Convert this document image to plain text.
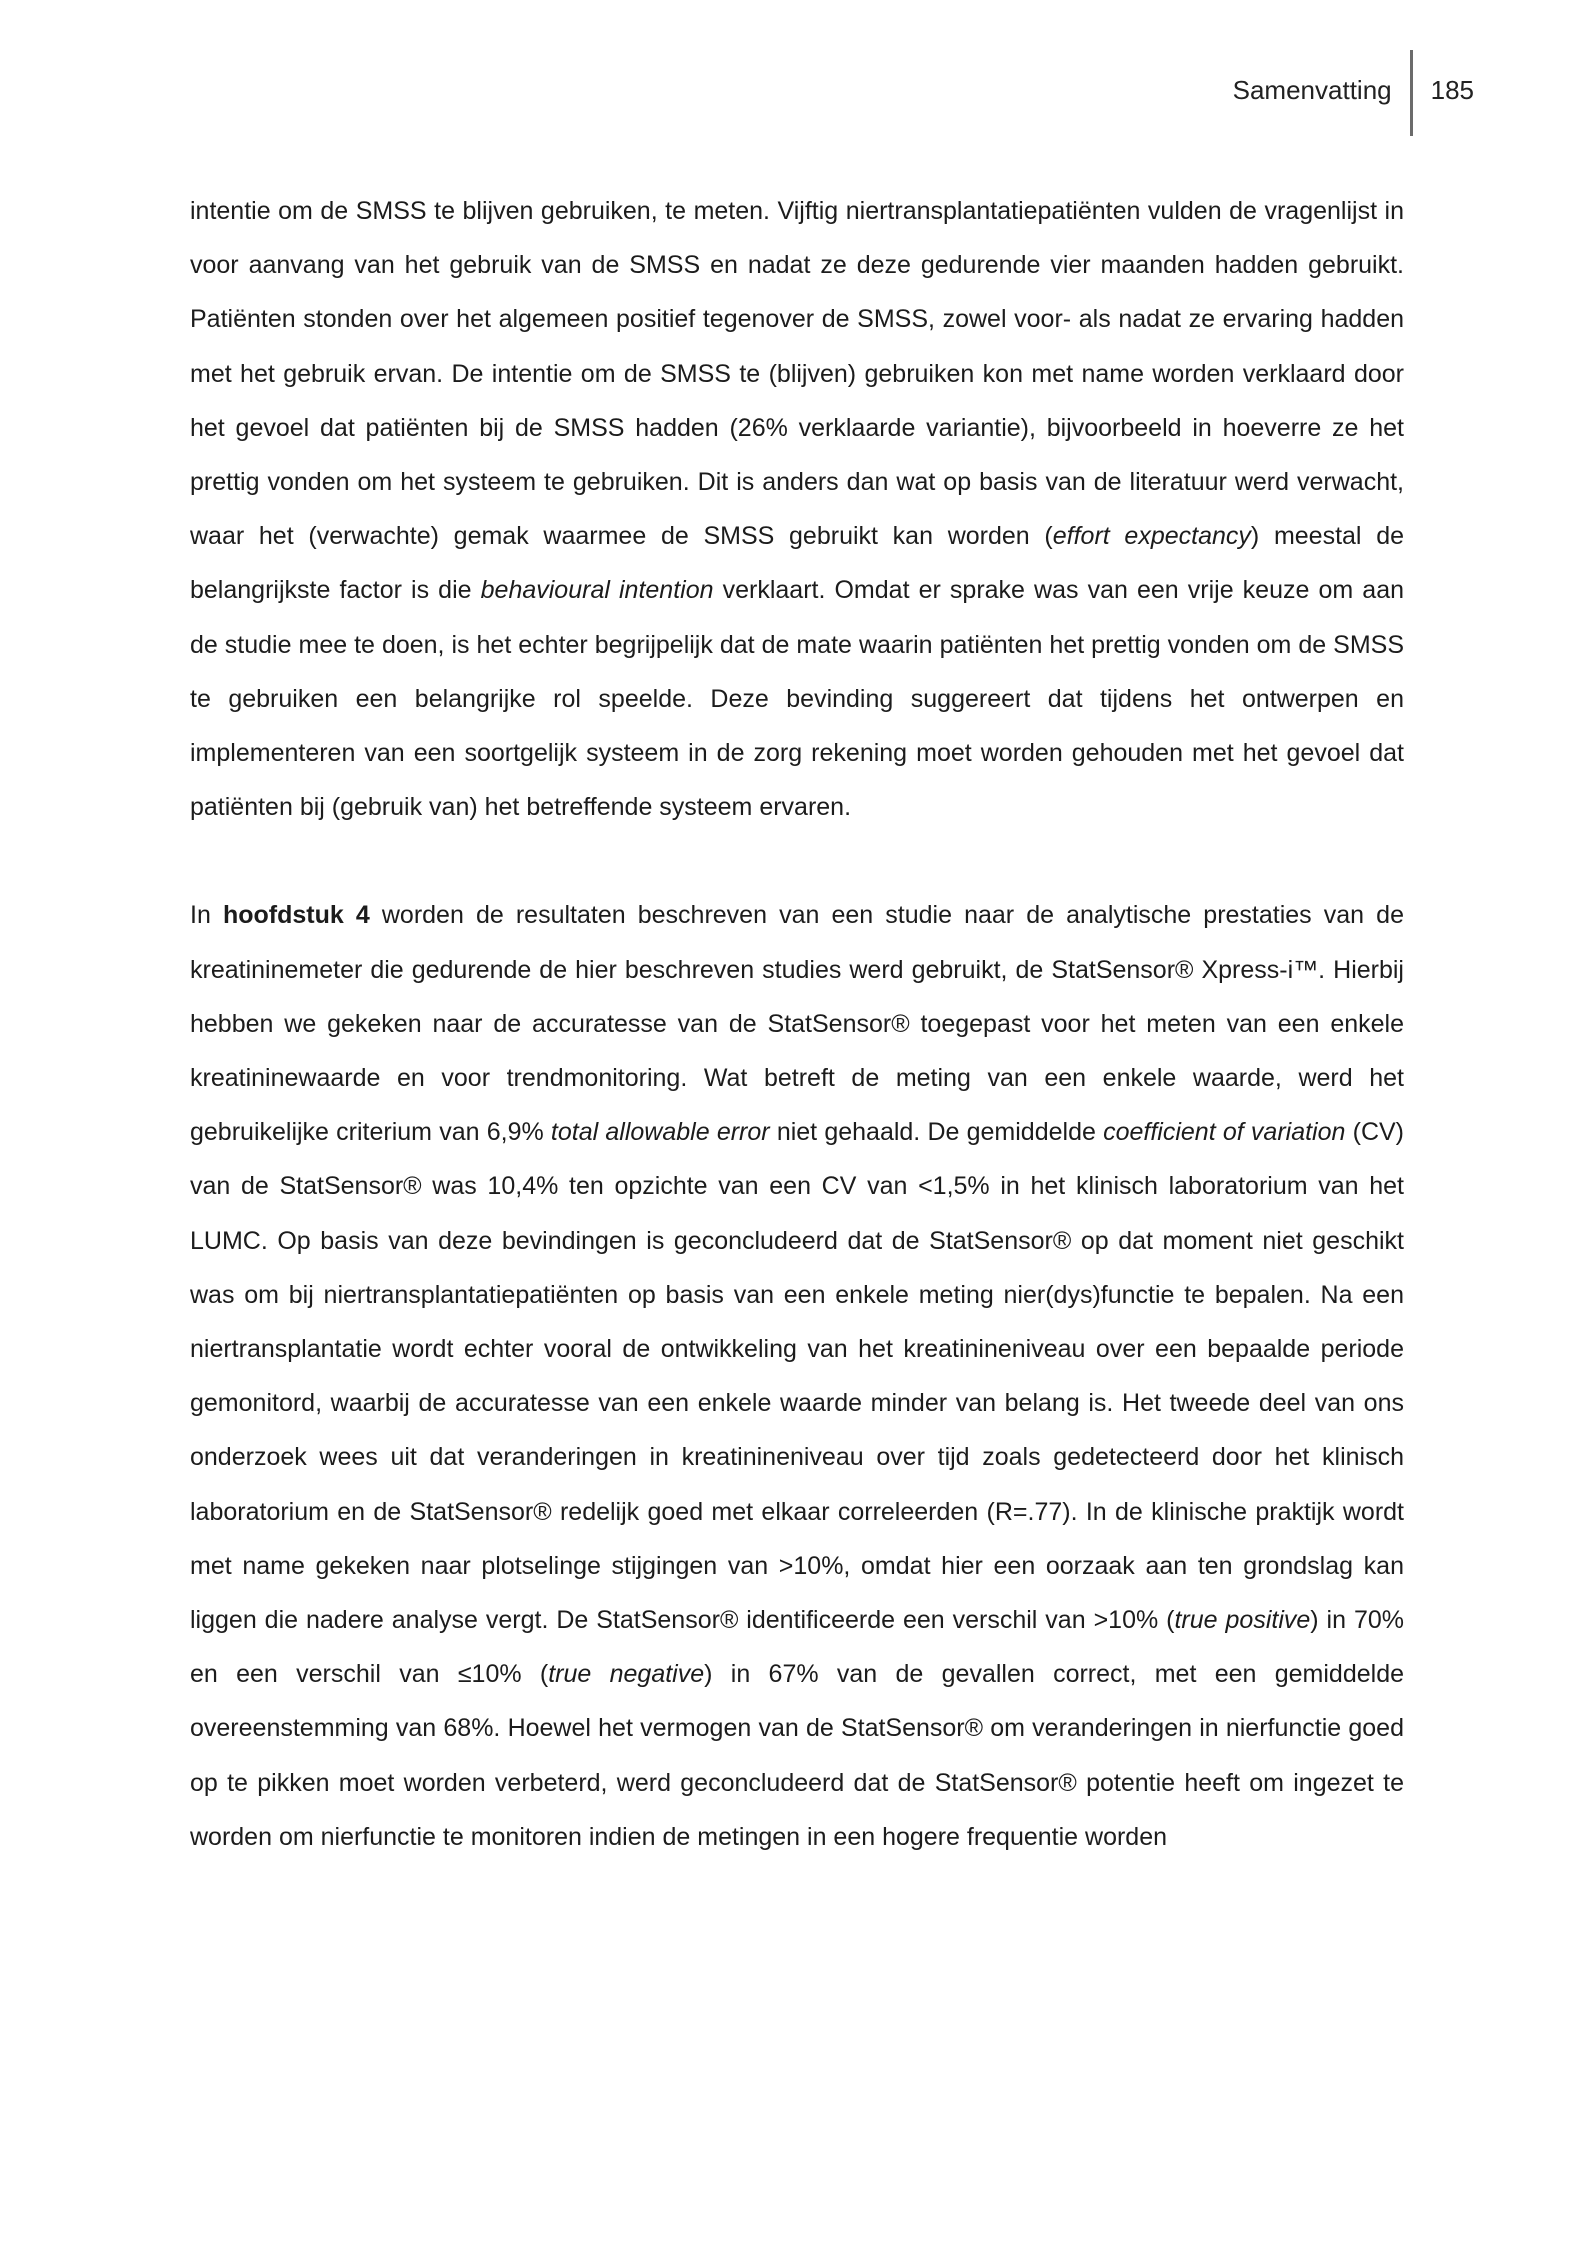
Samenvatting	185

intentie om de SMSS te blijven gebruiken, te meten. Vijftig niertransplantatiepatiënten vulden de vragenlijst in voor aanvang van het gebruik van de SMSS en nadat ze deze gedurende vier maanden hadden gebruikt. Patiënten stonden over het algemeen positief tegenover de SMSS, zowel voor- als nadat ze ervaring hadden met het gebruik ervan. De intentie om de SMSS te (blijven) gebruiken kon met name worden verklaard door het gevoel dat patiënten bij de SMSS hadden (26% verklaarde variantie), bijvoorbeeld in hoeverre ze het prettig vonden om het systeem te gebruiken. Dit is anders dan wat op basis van de literatuur werd verwacht, waar het (verwachte) gemak waarmee de SMSS gebruikt kan worden (effort expectancy) meestal de belangrijkste factor is die behavioural intention verklaart. Omdat er sprake was van een vrije keuze om aan de studie mee te doen, is het echter begrijpelijk dat de mate waarin patiënten het prettig vonden om de SMSS te gebruiken een belangrijke rol speelde. Deze bevinding suggereert dat tijdens het ontwerpen en implementeren van een soortgelijk systeem in de zorg rekening moet worden gehouden met het gevoel dat patiënten bij (gebruik van) het betreffende systeem ervaren.

In hoofdstuk 4 worden de resultaten beschreven van een studie naar de analytische prestaties van de kreatininemeter die gedurende de hier beschreven studies werd gebruikt, de StatSensor® Xpress-i™. Hierbij hebben we gekeken naar de accuratesse van de StatSensor® toegepast voor het meten van een enkele kreatininewaarde en voor trendmonitoring. Wat betreft de meting van een enkele waarde, werd het gebruikelijke criterium van 6,9% total allowable error niet gehaald. De gemiddelde coefficient of variation (CV) van de StatSensor® was 10,4% ten opzichte van een CV van <1,5% in het klinisch laboratorium van het LUMC. Op basis van deze bevindingen is geconcludeerd dat de StatSensor® op dat moment niet geschikt was om bij niertransplantatiepatiënten op basis van een enkele meting nier(dys)functie te bepalen. Na een niertransplantatie wordt echter vooral de ontwikkeling van het kreatinineniveau over een bepaalde periode gemonitord, waarbij de accuratesse van een enkele waarde minder van belang is. Het tweede deel van ons onderzoek wees uit dat veranderingen in kreatinineniveau over tijd zoals gedetecteerd door het klinisch laboratorium en de StatSensor® redelijk goed met elkaar correleerden (R=.77). In de klinische praktijk wordt met name gekeken naar plotselinge stijgingen van >10%, omdat hier een oorzaak aan ten grondslag kan liggen die nadere analyse vergt. De StatSensor® identificeerde een verschil van >10% (true positive) in 70% en een verschil van ≤10% (true negative) in 67% van de gevallen correct, met een gemiddelde overeenstemming van 68%. Hoewel het vermogen van de StatSensor® om veranderingen in nierfunctie goed op te pikken moet worden verbeterd, werd geconcludeerd dat de StatSensor® potentie heeft om ingezet te worden om nierfunctie te monitoren indien de metingen in een hogere frequentie worden
